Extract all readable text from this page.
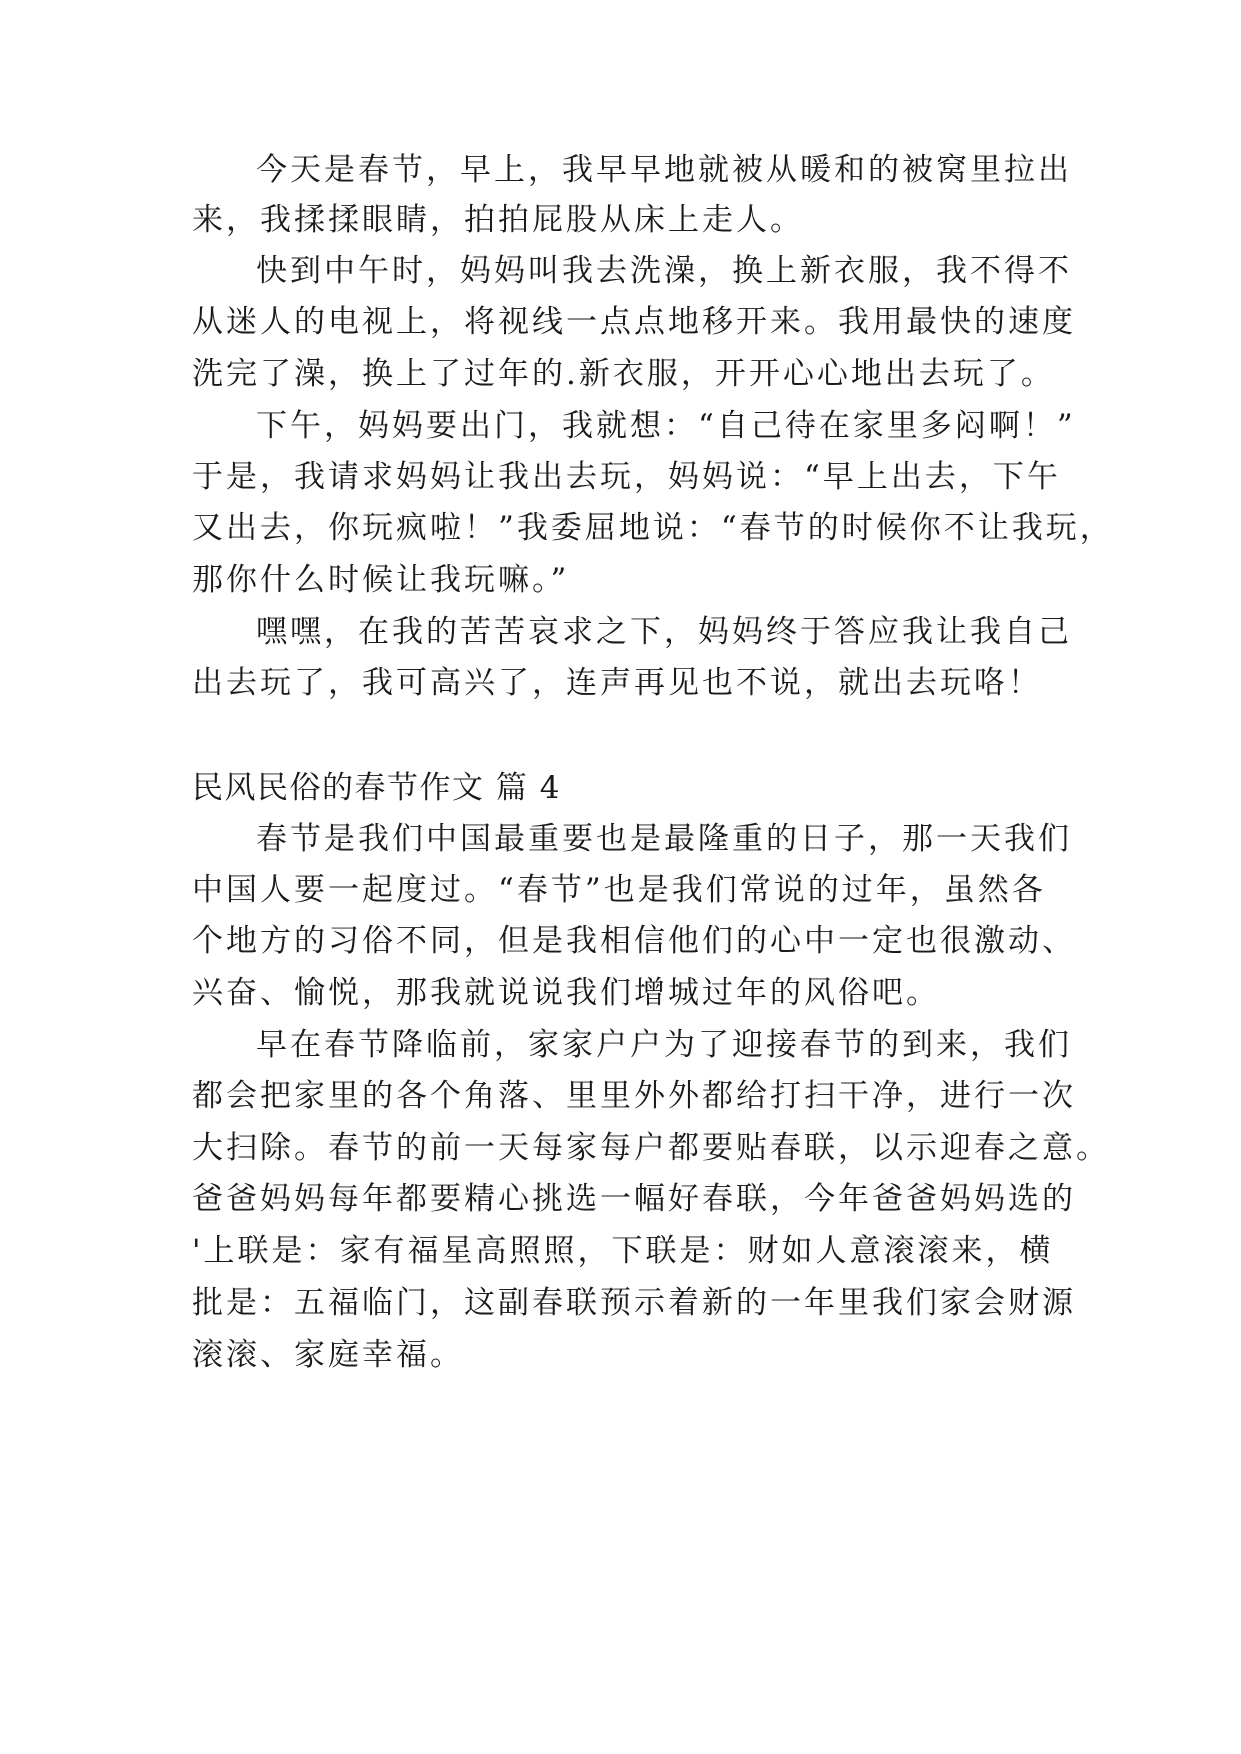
今天是春节，早上，我早早地就被从暖和的被窝里拉出
来，我揉揉眼睛，拍拍屁股从床上走人。
快到中午时，妈妈叫我去洗澡，换上新衣服，我不得不
从迷人的电视上，将视线一点点地移开来。我用最快的速度
洗完了澡，换上了过年的.新衣服，开开心心地出去玩了。
下午，妈妈要出门，我就想：“自己待在家里多闷啊！”
于是，我请求妈妈让我出去玩，妈妈说：“早上出去，下午
又出去，你玩疯啦！”我委屈地说：“春节的时候你不让我玩，
那你什么时候让我玩嘛。”
嘿嘿，在我的苦苦哀求之下，妈妈终于答应我让我自己
出去玩了，我可高兴了，连声再见也不说，就出去玩咯！
民风民俗的春节作文 篇 4
春节是我们中国最重要也是最隆重的日子，那一天我们
中国人要一起度过。“春节”也是我们常说的过年，虽然各
个地方的习俗不同，但是我相信他们的心中一定也很激动、
兴奋、愉悦，那我就说说我们增城过年的风俗吧。
早在春节降临前，家家户户为了迎接春节的到来，我们
都会把家里的各个角落、里里外外都给打扫干净，进行一次
大扫除。春节的前一天每家每户都要贴春联，以示迎春之意。
爸爸妈妈每年都要精心挑选一幅好春联，今年爸爸妈妈选的
'上联是：家有福星高照照，下联是：财如人意滚滚来，横
批是：五福临门，这副春联预示着新的一年里我们家会财源
滚滚、家庭幸福。
